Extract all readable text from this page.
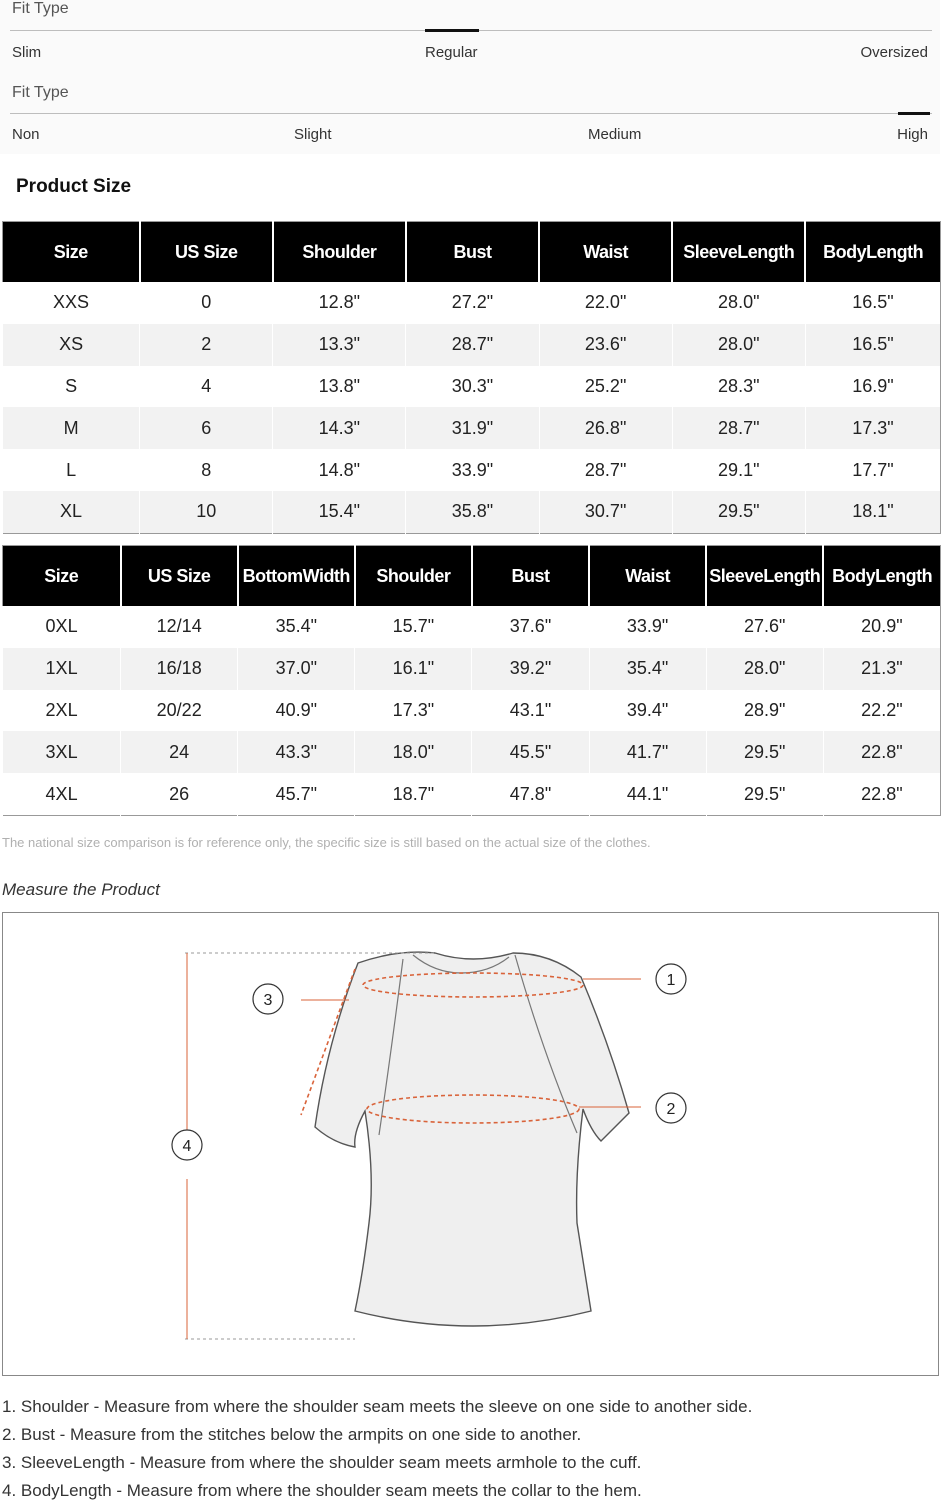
Fit Type
Slim	Regular	Oversized
Fit Type
Non	Slight	Medium	High
Product Size
Size	US Size	Shoulder	Bust	Waist	SleeveLength	BodyLength
XXS	0	12.8"	27.2"	22.0"	28.0"	16.5"
XS	2	13.3"	28.7"	23.6"	28.0"	16.5"
S	4	13.8"	30.3"	25.2"	28.3"	16.9"
M	6	14.3"	31.9"	26.8"	28.7"	17.3"
L	8	14.8"	33.9"	28.7"	29.1"	17.7"
XL	10	15.4"	35.8"	30.7"	29.5"	18.1"
Size	US Size	BottomWidth	Shoulder	Bust	Waist	SleeveLength	BodyLength
0XL	12/14	35.4"	15.7"	37.6"	33.9"	27.6"	20.9"
1XL	16/18	37.0"	16.1"	39.2"	35.4"	28.0"	21.3"
2XL	20/22	40.9"	17.3"	43.1"	39.4"	28.9"	22.2"
3XL	24	43.3"	18.0"	45.5"	41.7"	29.5"	22.8"
4XL	26	45.7"	18.7"	47.8"	44.1"	29.5"	22.8"
The national size comparison is for reference only, the specific size is still based on the actual size of the clothes.
Measure the Product
1
2
3
4
1. Shoulder - Measure from where the shoulder seam meets the sleeve on one side to another side.
2. Bust - Measure from the stitches below the armpits on one side to another.
3. SleeveLength - Measure from where the shoulder seam meets armhole to the cuff.
4. BodyLength - Measure from where the shoulder seam meets the collar to the hem.
